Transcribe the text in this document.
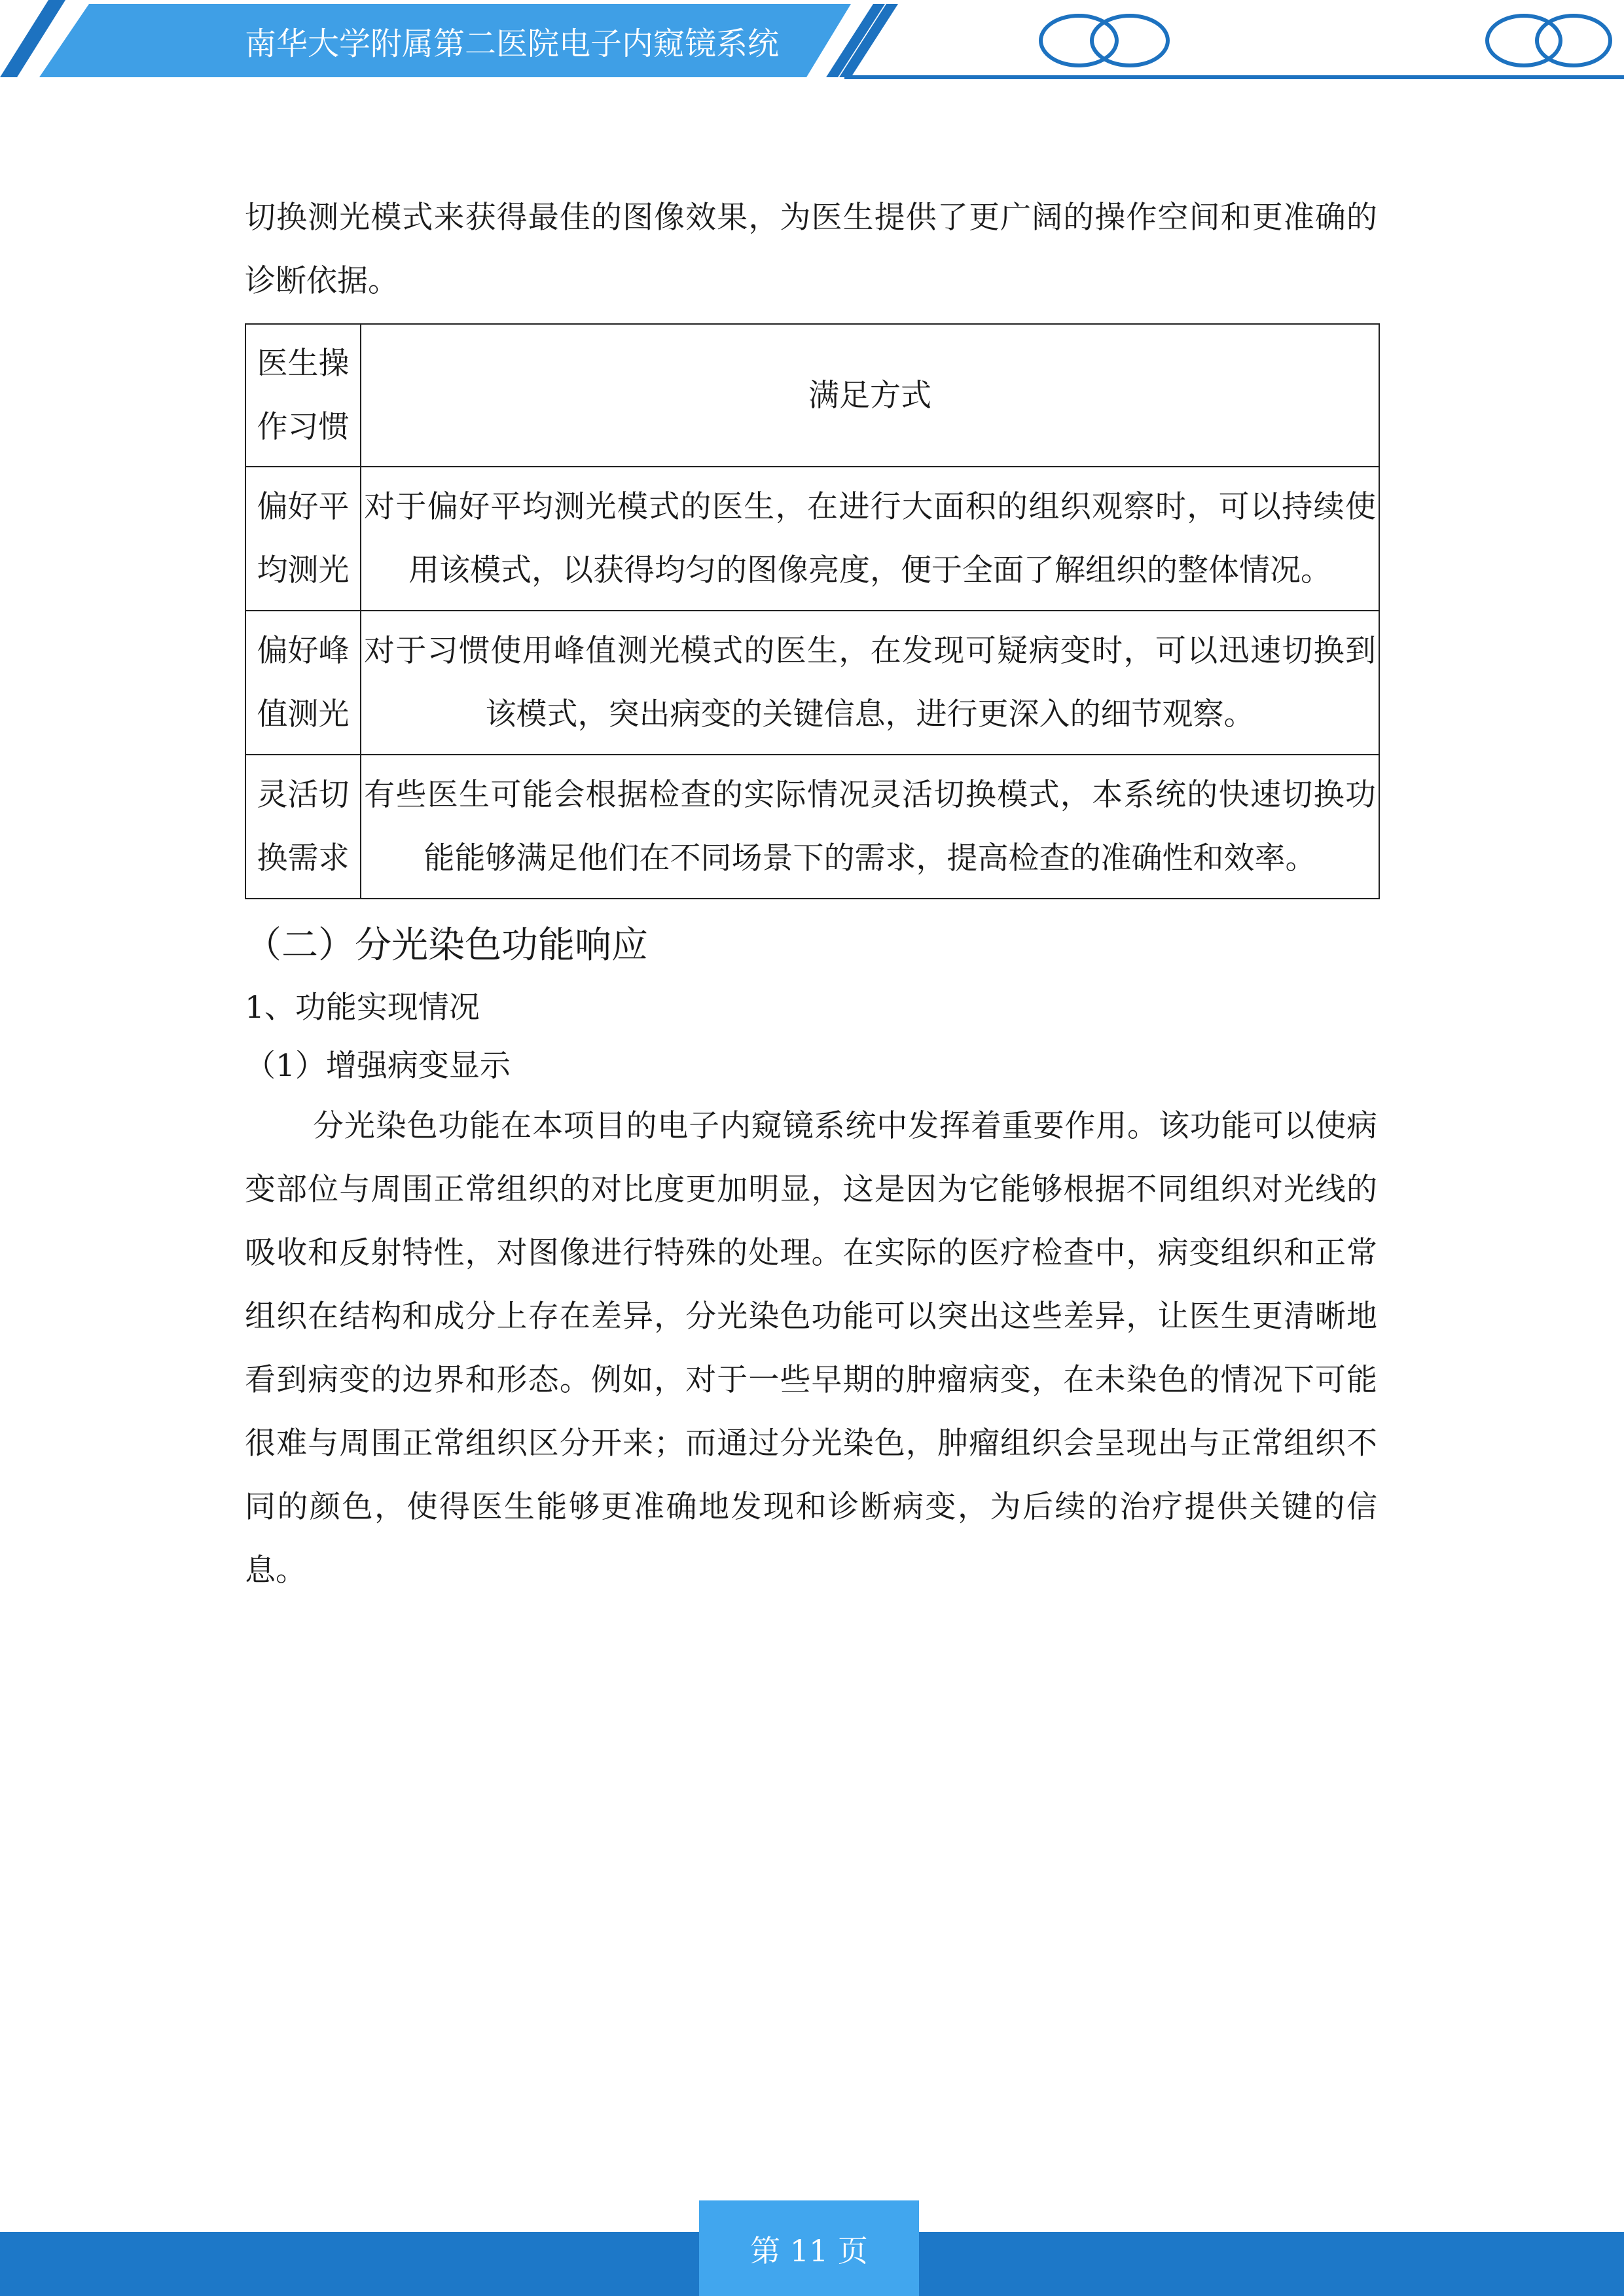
南华大学附属第二医院电子内窥镜系统
切换测光模式来获得最佳的图像效果，为医生提供了更广阔的操作空间和更准确的诊断依据。
医生操作习惯	满足方式
偏好平均测光	对于偏好平均测光模式的医生，在进行大面积的组织观察时，可以持续使用该模式，以获得均匀的图像亮度，便于全面了解组织的整体情况。
偏好峰值测光	对于习惯使用峰值测光模式的医生，在发现可疑病变时，可以迅速切换到该模式，突出病变的关键信息，进行更深入的细节观察。
灵活切换需求	有些医生可能会根据检查的实际情况灵活切换模式，本系统的快速切换功能能够满足他们在不同场景下的需求，提高检查的准确性和效率。
（二）分光染色功能响应
1、功能实现情况
（1）增强病变显示
分光染色功能在本项目的电子内窥镜系统中发挥着重要作用。该功能可以使病变部位与周围正常组织的对比度更加明显，这是因为它能够根据不同组织对光线的吸收和反射特性，对图像进行特殊的处理。在实际的医疗检查中，病变组织和正常组织在结构和成分上存在差异，分光染色功能可以突出这些差异，让医生更清晰地看到病变的边界和形态。例如，对于一些早期的肿瘤病变，在未染色的情况下可能很难与周围正常组织区分开来；而通过分光染色，肿瘤组织会呈现出与正常组织不同的颜色，使得医生能够更准确地发现和诊断病变，为后续的治疗提供关键的信息。
第 11 页
